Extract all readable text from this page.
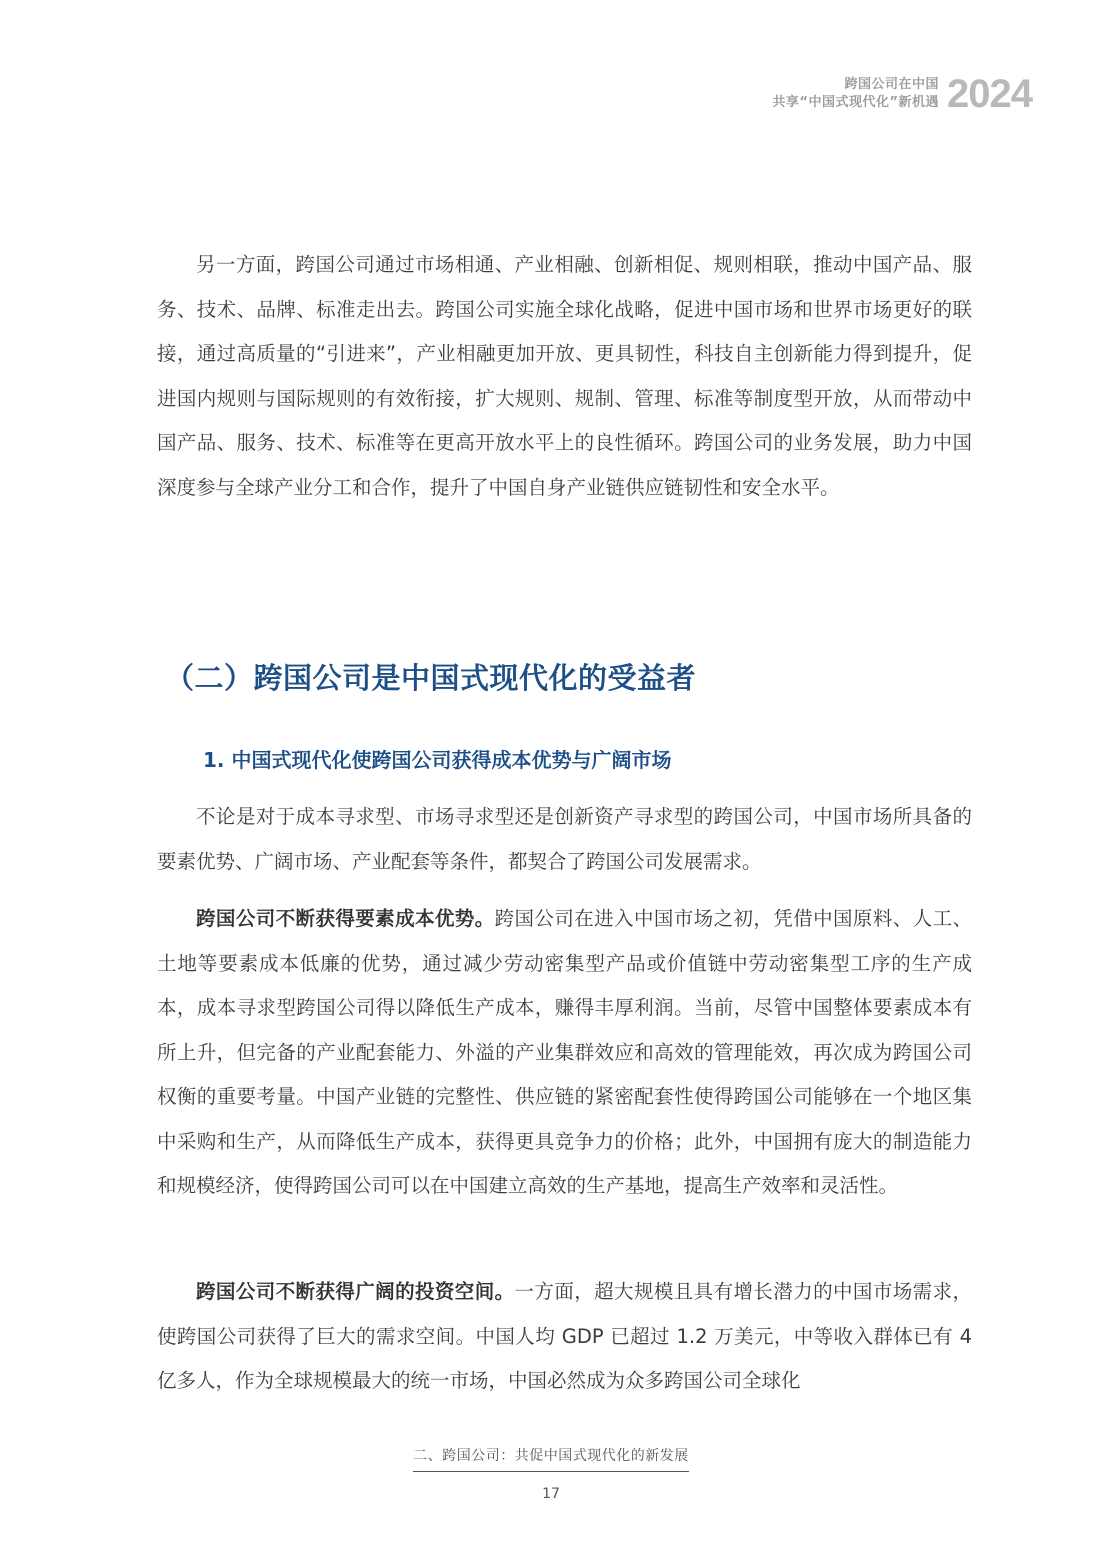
跨国公司在中国
共享“中国式现代化”新机遇 2024

另一方面，跨国公司通过市场相通、产业相融、创新相促、规则相联，推动中国产品、服务、技术、品牌、标准走出去。跨国公司实施全球化战略，促进中国市场和世界市场更好的联接，通过高质量的“引进来”，产业相融更加开放、更具韧性，科技自主创新能力得到提升，促进国内规则与国际规则的有效衔接，扩大规则、规制、管理、标准等制度型开放，从而带动中国产品、服务、技术、标准等在更高开放水平上的良性循环。跨国公司的业务发展，助力中国深度参与全球产业分工和合作，提升了中国自身产业链供应链韧性和安全水平。

（二）跨国公司是中国式现代化的受益者
1. 中国式现代化使跨国公司获得成本优势与广阔市场

不论是对于成本寻求型、市场寻求型还是创新资产寻求型的跨国公司，中国市场所具备的要素优势、广阔市场、产业配套等条件，都契合了跨国公司发展需求。

跨国公司不断获得要素成本优势。跨国公司在进入中国市场之初，凭借中国原料、人工、土地等要素成本低廉的优势，通过减少劳动密集型产品或价值链中劳动密集型工序的生产成本，成本寻求型跨国公司得以降低生产成本，赚得丰厚利润。当前，尽管中国整体要素成本有所上升，但完备的产业配套能力、外溢的产业集群效应和高效的管理能效，再次成为跨国公司权衡的重要考量。中国产业链的完整性、供应链的紧密配套性使得跨国公司能够在一个地区集中采购和生产，从而降低生产成本，获得更具竞争力的价格；此外，中国拥有庞大的制造能力和规模经济，使得跨国公司可以在中国建立高效的生产基地，提高生产效率和灵活性。

跨国公司不断获得广阔的投资空间。一方面，超大规模且具有增长潜力的中国市场需求，使跨国公司获得了巨大的需求空间。中国人均 GDP 已超过 1.2 万美元，中等收入群体已有 4 亿多人，作为全球规模最大的统一市场，中国必然成为众多跨国公司全球化

二、跨国公司：共促中国式现代化的新发展
17
